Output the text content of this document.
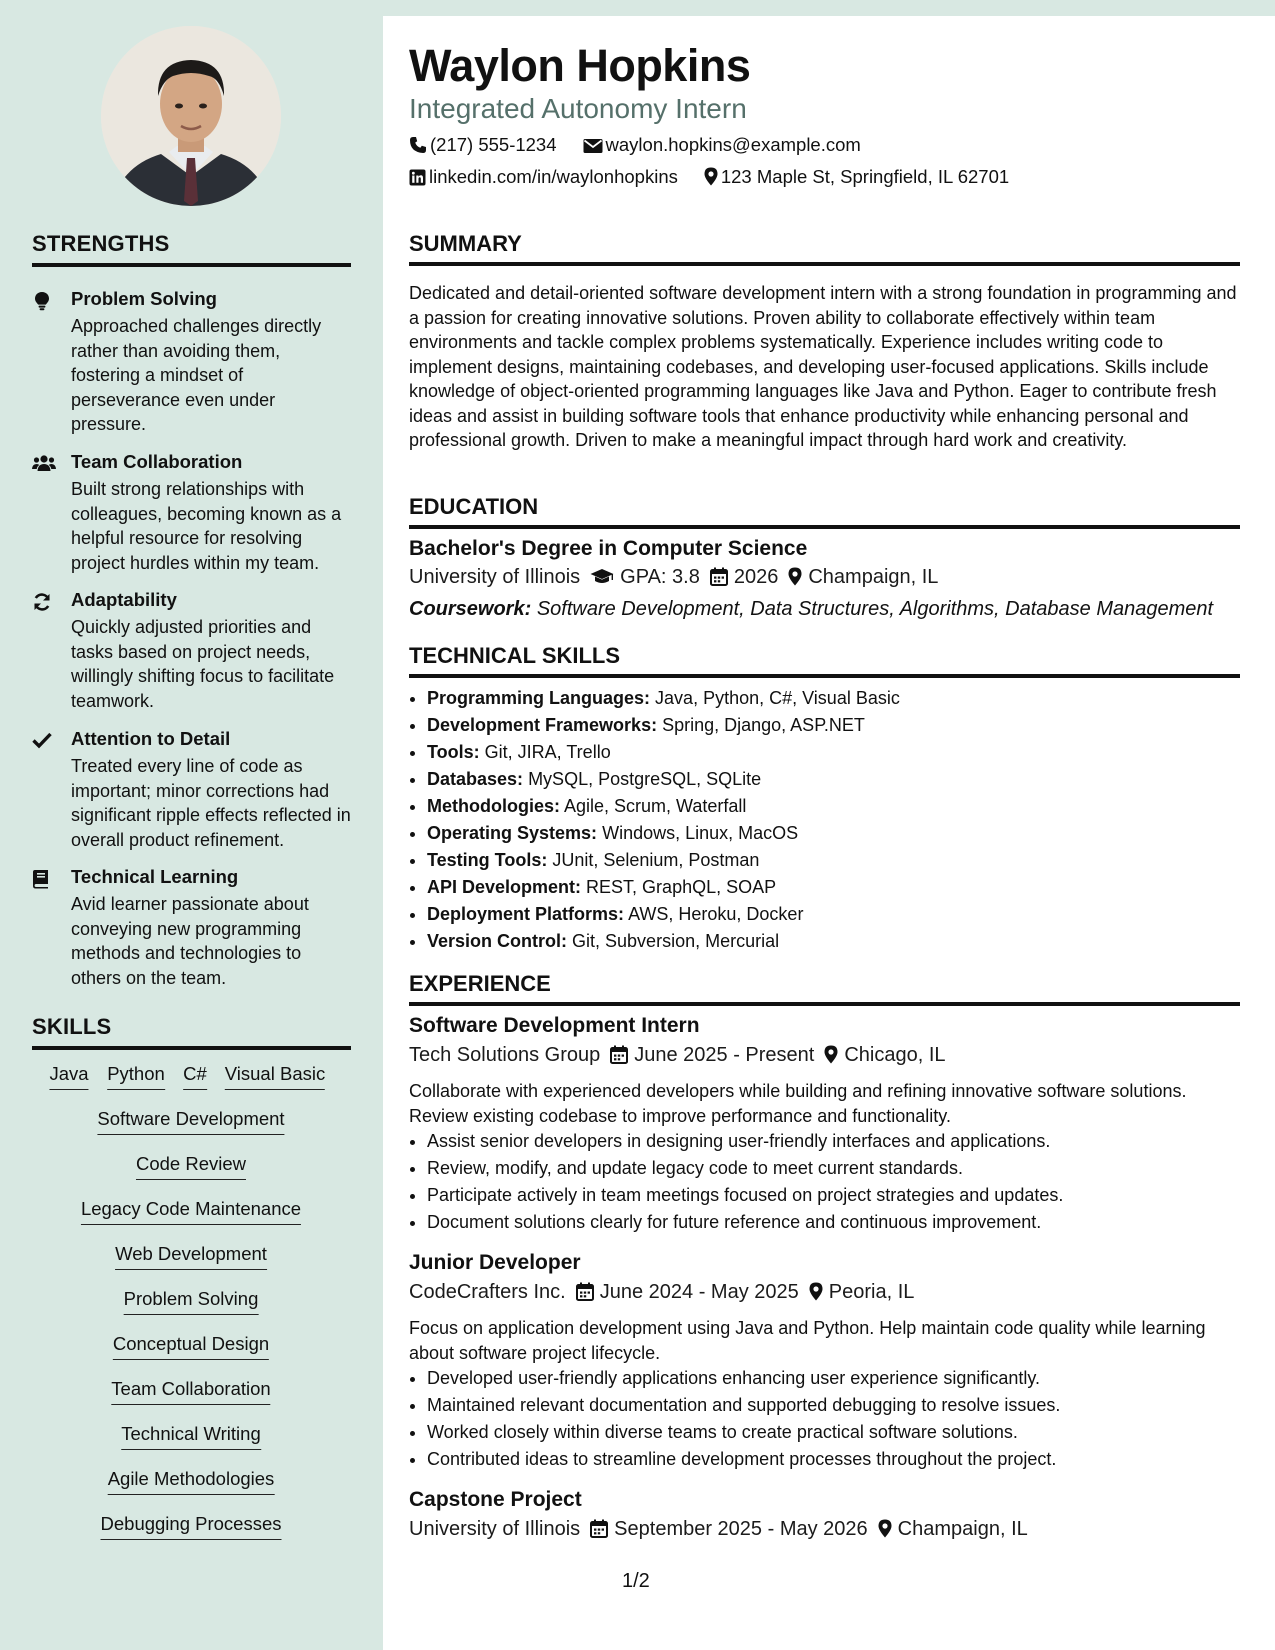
STRENGTHS
Problem Solving
Approached challenges directly rather than avoiding them, fostering a mindset of perseverance even under pressure.
Team Collaboration
Built strong relationships with colleagues, becoming known as a helpful resource for resolving project hurdles within my team.
Adaptability
Quickly adjusted priorities and tasks based on project needs, willingly shifting focus to facilitate teamwork.
Attention to Detail
Treated every line of code as important; minor corrections had significant ripple effects reflected in overall product refinement.
Technical Learning
Avid learner passionate about conveying new programming methods and technologies to others on the team.
SKILLS
Java Python C# Visual Basic
Software Development
Code Review
Legacy Code Maintenance
Web Development
Problem Solving
Conceptual Design
Team Collaboration
Technical Writing
Agile Methodologies
Debugging Processes
Waylon Hopkins
Integrated Autonomy Intern
(217) 555-1234	waylon.hopkins@example.com
linkedin.com/in/waylonhopkins 123 Maple St, Springfield, IL 62701
SUMMARY
Dedicated and detail-oriented software development intern with a strong foundation in programming and a passion for creating innovative solutions. Proven ability to collaborate effectively within team environments and tackle complex problems systematically. Experience includes writing code to implement designs, maintaining codebases, and developing user-focused applications. Skills include knowledge of object-oriented programming languages like Java and Python. Eager to contribute fresh ideas and assist in building software tools that enhance productivity while enhancing personal and professional growth. Driven to make a meaningful impact through hard work and creativity.
EDUCATION
Bachelor's Degree in Computer Science
University of Illinois GPA: 3.8 2026 Champaign, IL
Coursework: Software Development, Data Structures, Algorithms, Database Management
TECHNICAL SKILLS
• Programming Languages: Java, Python, C#, Visual Basic
• Development Frameworks: Spring, Django, ASP.NET
• Tools: Git, JIRA, Trello
• Databases: MySQL, PostgreSQL, SQLite
• Methodologies: Agile, Scrum, Waterfall
• Operating Systems: Windows, Linux, MacOS
• Testing Tools: JUnit, Selenium, Postman
• API Development: REST, GraphQL, SOAP
• Deployment Platforms: AWS, Heroku, Docker
• Version Control: Git, Subversion, Mercurial
EXPERIENCE
Software Development Intern
Tech Solutions Group June 2025 - Present Chicago, IL
Collaborate with experienced developers while building and refining innovative software solutions. Review existing codebase to improve performance and functionality.
• Assist senior developers in designing user-friendly interfaces and applications.
• Review, modify, and update legacy code to meet current standards.
• Participate actively in team meetings focused on project strategies and updates.
• Document solutions clearly for future reference and continuous improvement.
Junior Developer
CodeCrafters Inc. June 2024 - May 2025 Peoria, IL
Focus on application development using Java and Python. Help maintain code quality while learning about software project lifecycle.
• Developed user-friendly applications enhancing user experience significantly.
• Maintained relevant documentation and supported debugging to resolve issues.
• Worked closely within diverse teams to create practical software solutions.
• Contributed ideas to streamline development processes throughout the project.
Capstone Project
University of Illinois September 2025 - May 2026 Champaign, IL
1/2
